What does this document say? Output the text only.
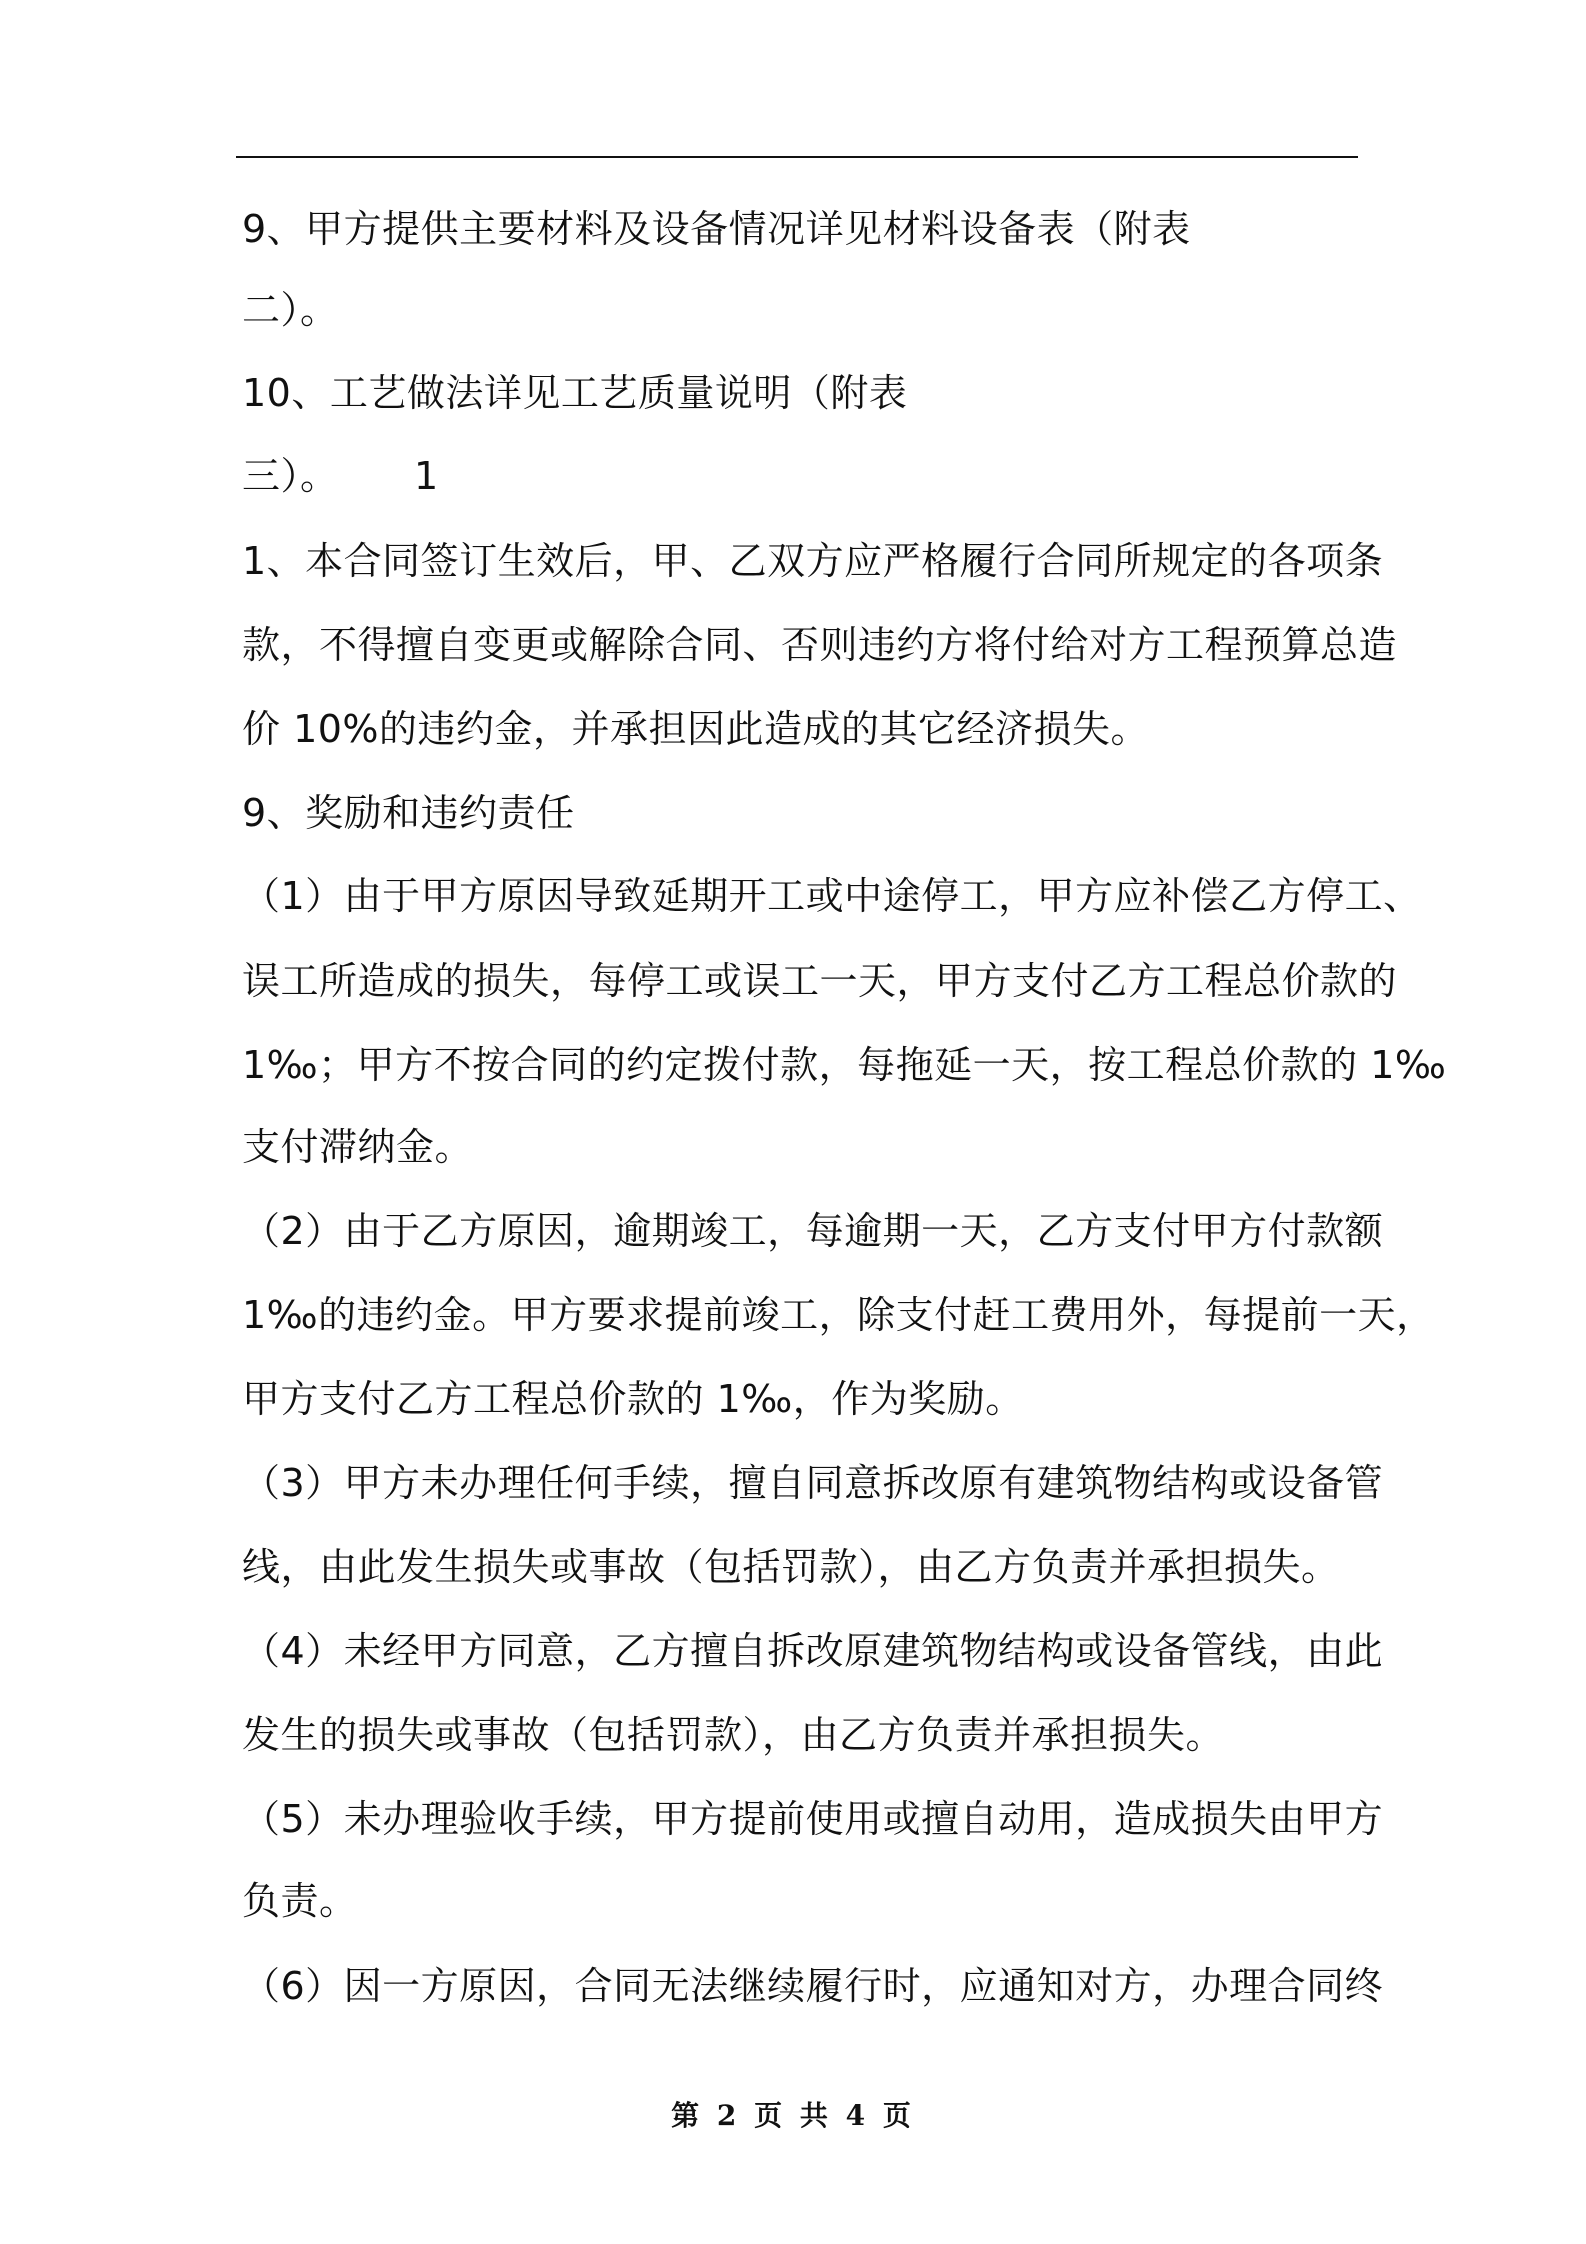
9、甲方提供主要材料及设备情况详见材料设备表（附表
二）。
10、工艺做法详见工艺质量说明（附表
三）。      1
1、本合同签订生效后，甲、乙双方应严格履行合同所规定的各项条
款，不得擅自变更或解除合同、否则违约方将付给对方工程预算总造
价 10%的违约金，并承担因此造成的其它经济损失。
9、奖励和违约责任
（1）由于甲方原因导致延期开工或中途停工，甲方应补偿乙方停工、
误工所造成的损失，每停工或误工一天，甲方支付乙方工程总价款的
1‰；甲方不按合同的约定拨付款，每拖延一天，按工程总价款的 1‰
支付滞纳金。
（2）由于乙方原因，逾期竣工，每逾期一天，乙方支付甲方付款额
1‰的违约金。甲方要求提前竣工，除支付赶工费用外，每提前一天，
甲方支付乙方工程总价款的 1‰，作为奖励。
（3）甲方未办理任何手续，擅自同意拆改原有建筑物结构或设备管
线，由此发生损失或事故（包括罚款），由乙方负责并承担损失。
（4）未经甲方同意，乙方擅自拆改原建筑物结构或设备管线，由此
发生的损失或事故（包括罚款），由乙方负责并承担损失。
（5）未办理验收手续，甲方提前使用或擅自动用，造成损失由甲方
负责。
（6）因一方原因，合同无法继续履行时，应通知对方，办理合同终
第 2 页 共 4 页
